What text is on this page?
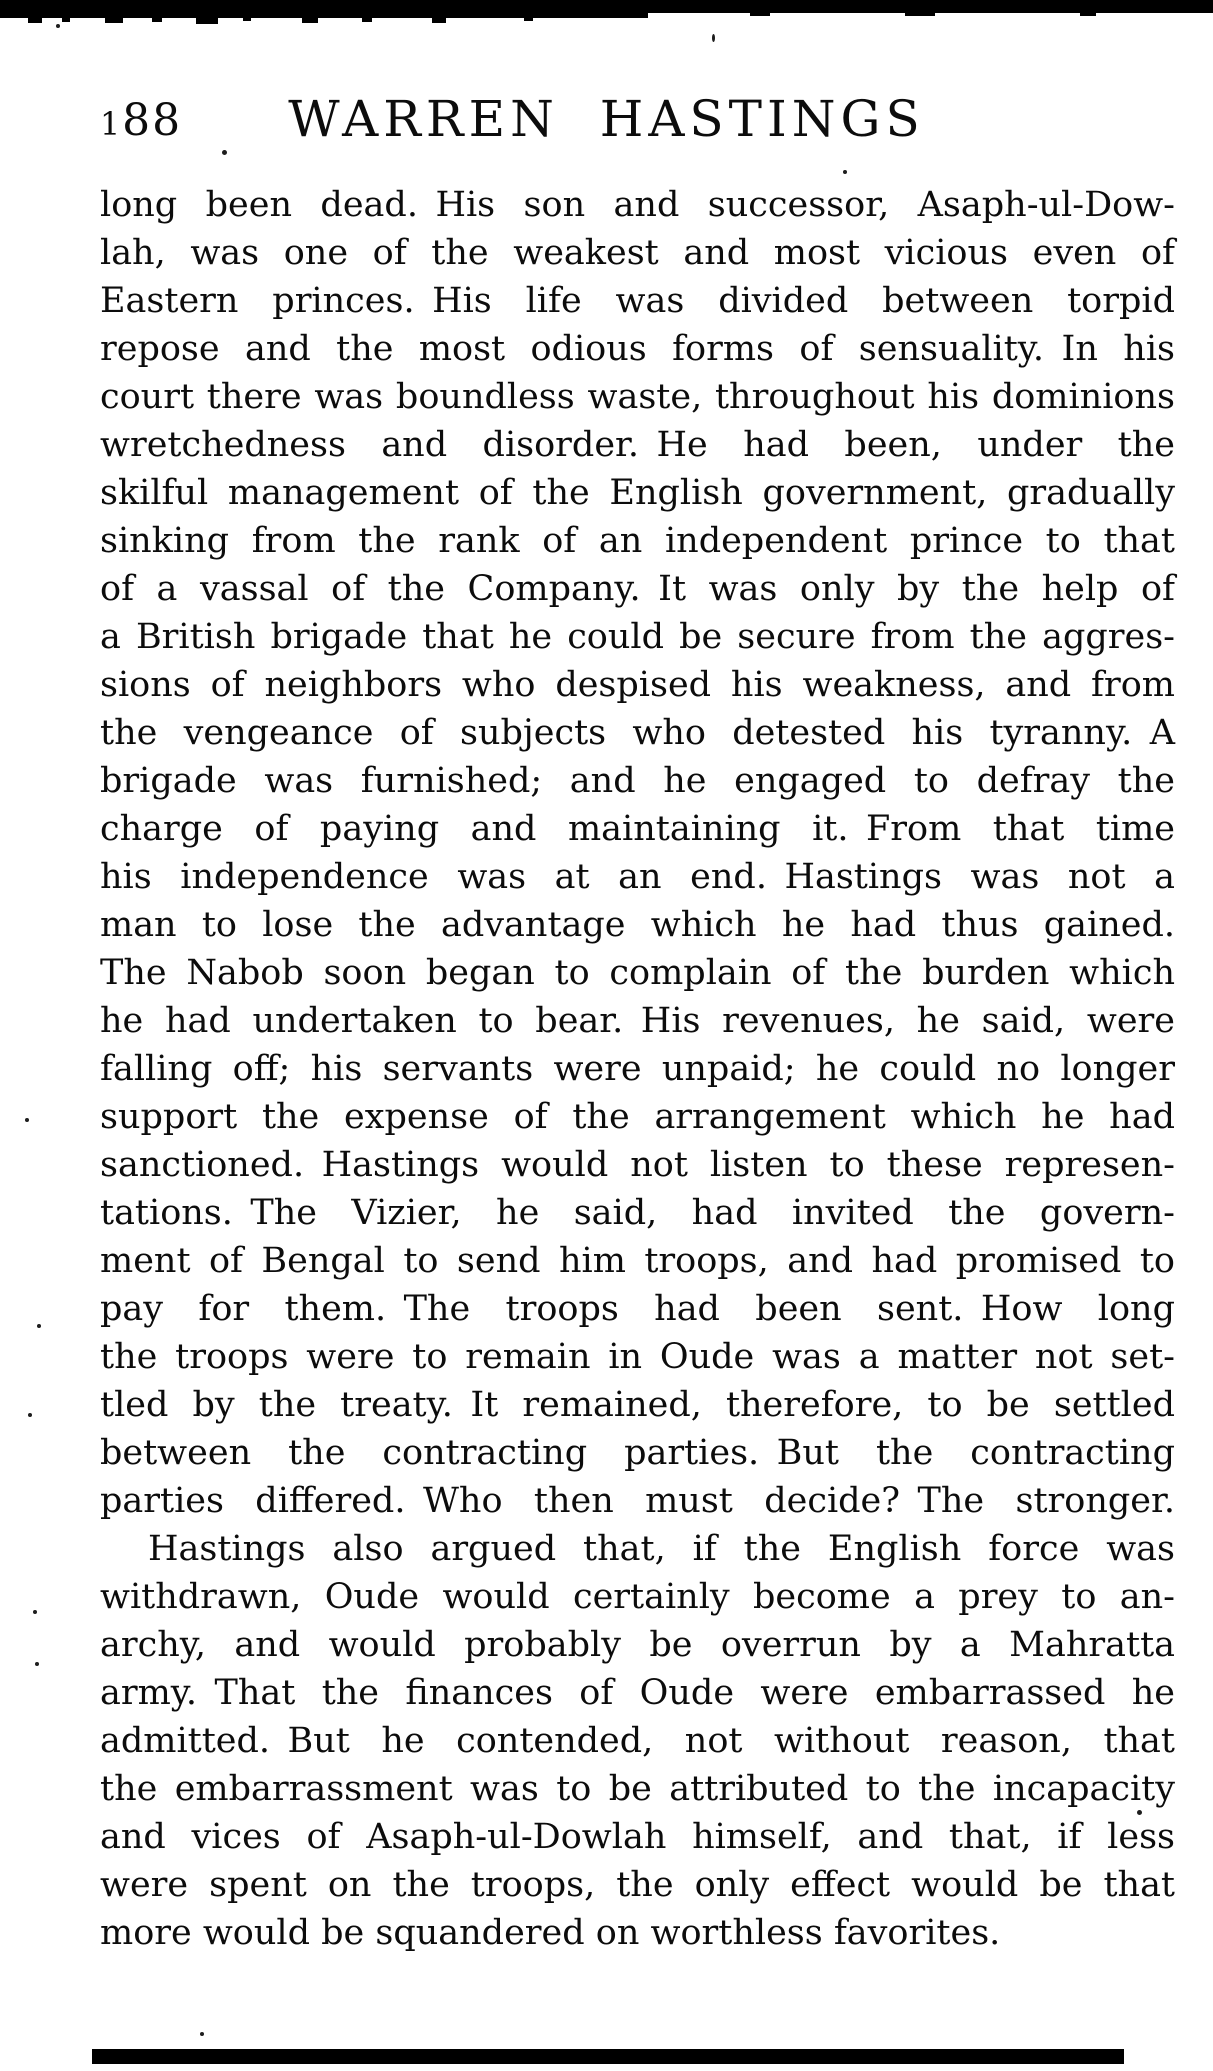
188	WARREN HASTINGS
long been dead. His son and successor, Asaph-ul-Dow-
lah, was one of the weakest and most vicious even of
Eastern princes. His life was divided between torpid
repose and the most odious forms of sensuality. In his
court there was boundless waste, throughout his dominions
wretchedness and disorder. He had been, under the
skilful management of the English government, gradually
sinking from the rank of an independent prince to that
of a vassal of the Company. It was only by the help of
a British brigade that he could be secure from the aggres-
sions of neighbors who despised his weakness, and from
the vengeance of subjects who detested his tyranny. A
brigade was furnished; and he engaged to defray the
charge of paying and maintaining it. From that time
his independence was at an end. Hastings was not a
man to lose the advantage which he had thus gained.
The Nabob soon began to complain of the burden which
he had undertaken to bear. His revenues, he said, were
falling off; his servants were unpaid; he could no longer
support the expense of the arrangement which he had
sanctioned. Hastings would not listen to these represen-
tations. The Vizier, he said, had invited the govern-
ment of Bengal to send him troops, and had promised to
pay for them. The troops had been sent. How long
the troops were to remain in Oude was a matter not set-
tled by the treaty. It remained, therefore, to be settled
between the contracting parties. But the contracting
parties differed. Who then must decide? The stronger.
Hastings also argued that, if the English force was
withdrawn, Oude would certainly become a prey to an-
archy, and would probably be overrun by a Mahratta
army. That the finances of Oude were embarrassed he
admitted. But he contended, not without reason, that
the embarrassment was to be attributed to the incapacity
and vices of Asaph-ul-Dowlah himself, and that, if less
were spent on the troops, the only effect would be that
more would be squandered on worthless favorites.
